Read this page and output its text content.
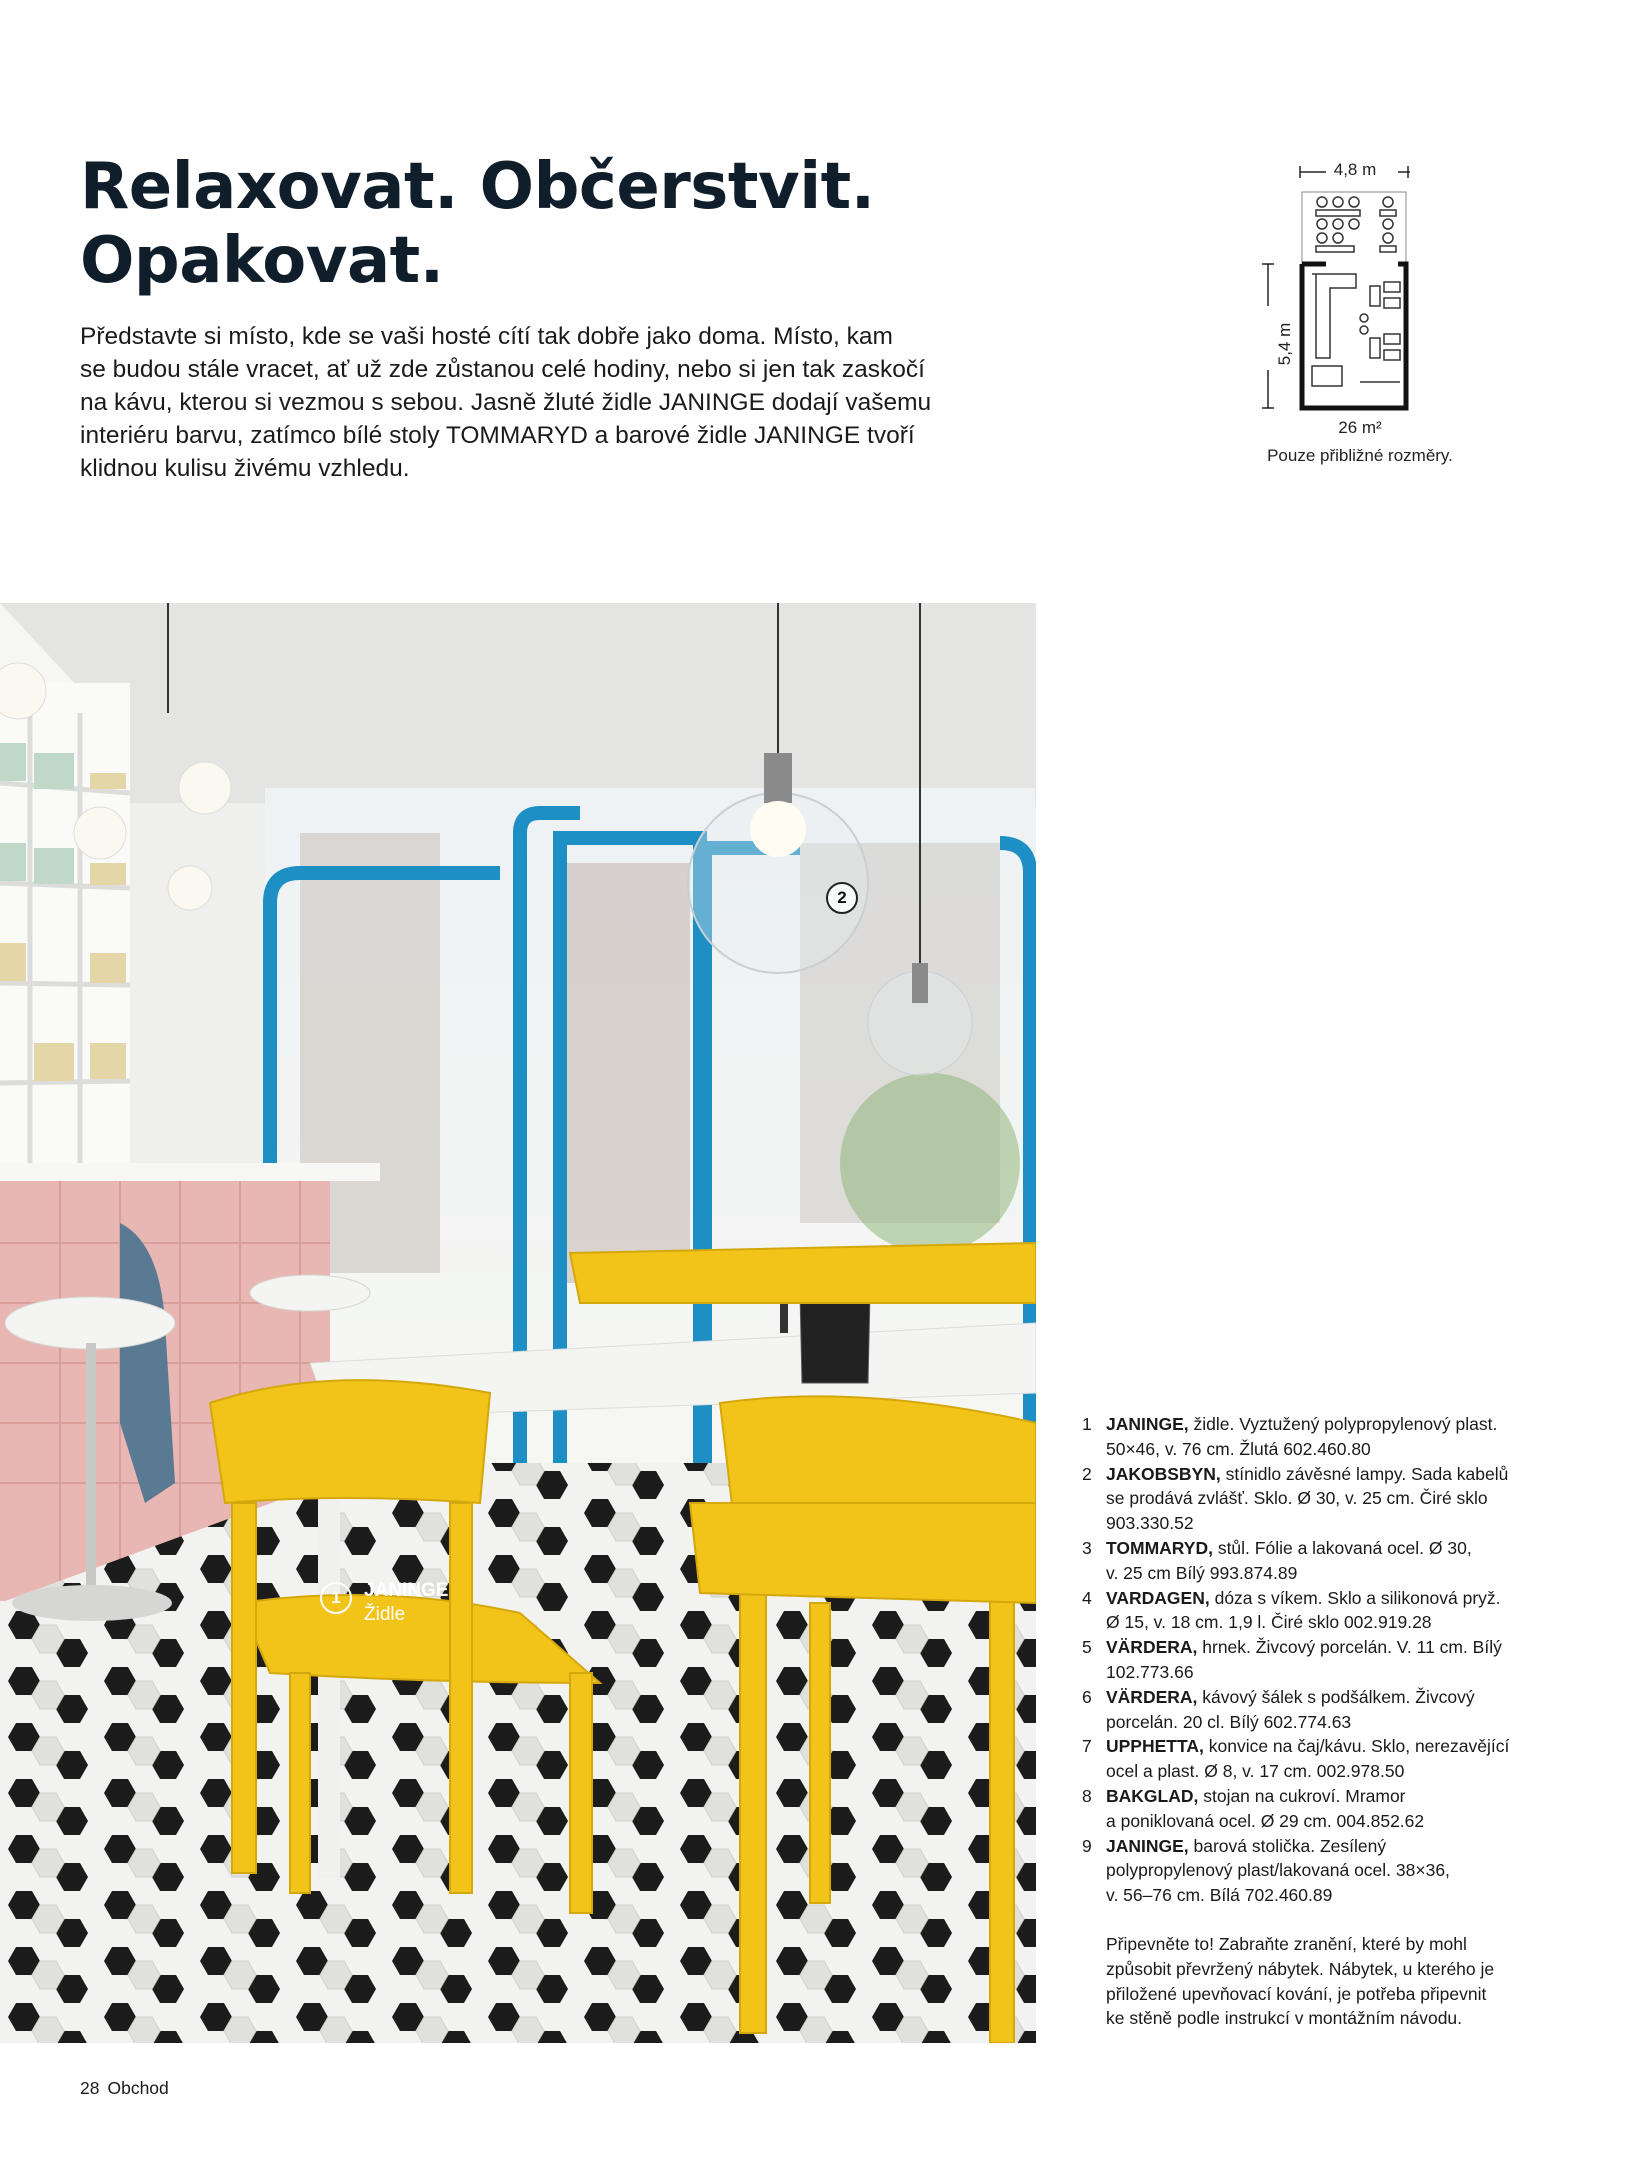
Relaxovat. Občerstvit.
Opakovat.

Představte si místo, kde se vaši hosté cítí tak dobře jako doma. Místo, kam
se budou stále vracet, ať už zde zůstanou celé hodiny, nebo si jen tak zaskočí
na kávu, kterou si vezmou s sebou. Jasně žluté židle JANINGE dodají vašemu
interiéru barvu, zatímco bílé stoly TOMMARYD a barové židle JANINGE tvoří
klidnou kulisu živému vzhledu.

4,8 m
5,4 m
26 m²
Pouze přibližné rozměry.
2
1	JANINGE
Židle
1 JANINGE, židle. Vyztužený polypropylenový plast.
50×46, v. 76 cm. Žlutá 602.460.80
2 JAKOBSBYN, stínidlo závěsné lampy. Sada kabelů
se prodává zvlášť. Sklo. Ø 30, v. 25 cm. Čiré sklo
903.330.52
3 TOMMARYD, stůl. Fólie a lakovaná ocel. Ø 30,
v. 25 cm Bílý 993.874.89
4 VARDAGEN, dóza s víkem. Sklo a silikonová pryž.
Ø 15, v. 18 cm. 1,9 l. Čiré sklo 002.919.28
5 VÄRDERA, hrnek. Živcový porcelán. V. 11 cm. Bílý
102.773.66
6 VÄRDERA, kávový šálek s podšálkem. Živcový
porcelán. 20 cl. Bílý 602.774.63
7 UPPHETTA, konvice na čaj/kávu. Sklo, nerezavějící
ocel a plast. Ø 8, v. 17 cm. 002.978.50
8 BAKGLAD, stojan na cukroví. Mramor
a poniklovaná ocel. Ø 29 cm. 004.852.62
9 JANINGE, barová stolička. Zesílený
polypropylenový plast/lakovaná ocel. 38×36,
v. 56–76 cm. Bílá 702.460.89

Připevněte to! Zabraňte zranění, které by mohl
způsobit převržený nábytek. Nábytek, u kterého je
přiložené upevňovací kování, je potřeba připevnit
ke stěně podle instrukcí v montážním návodu.

28 Obchod
